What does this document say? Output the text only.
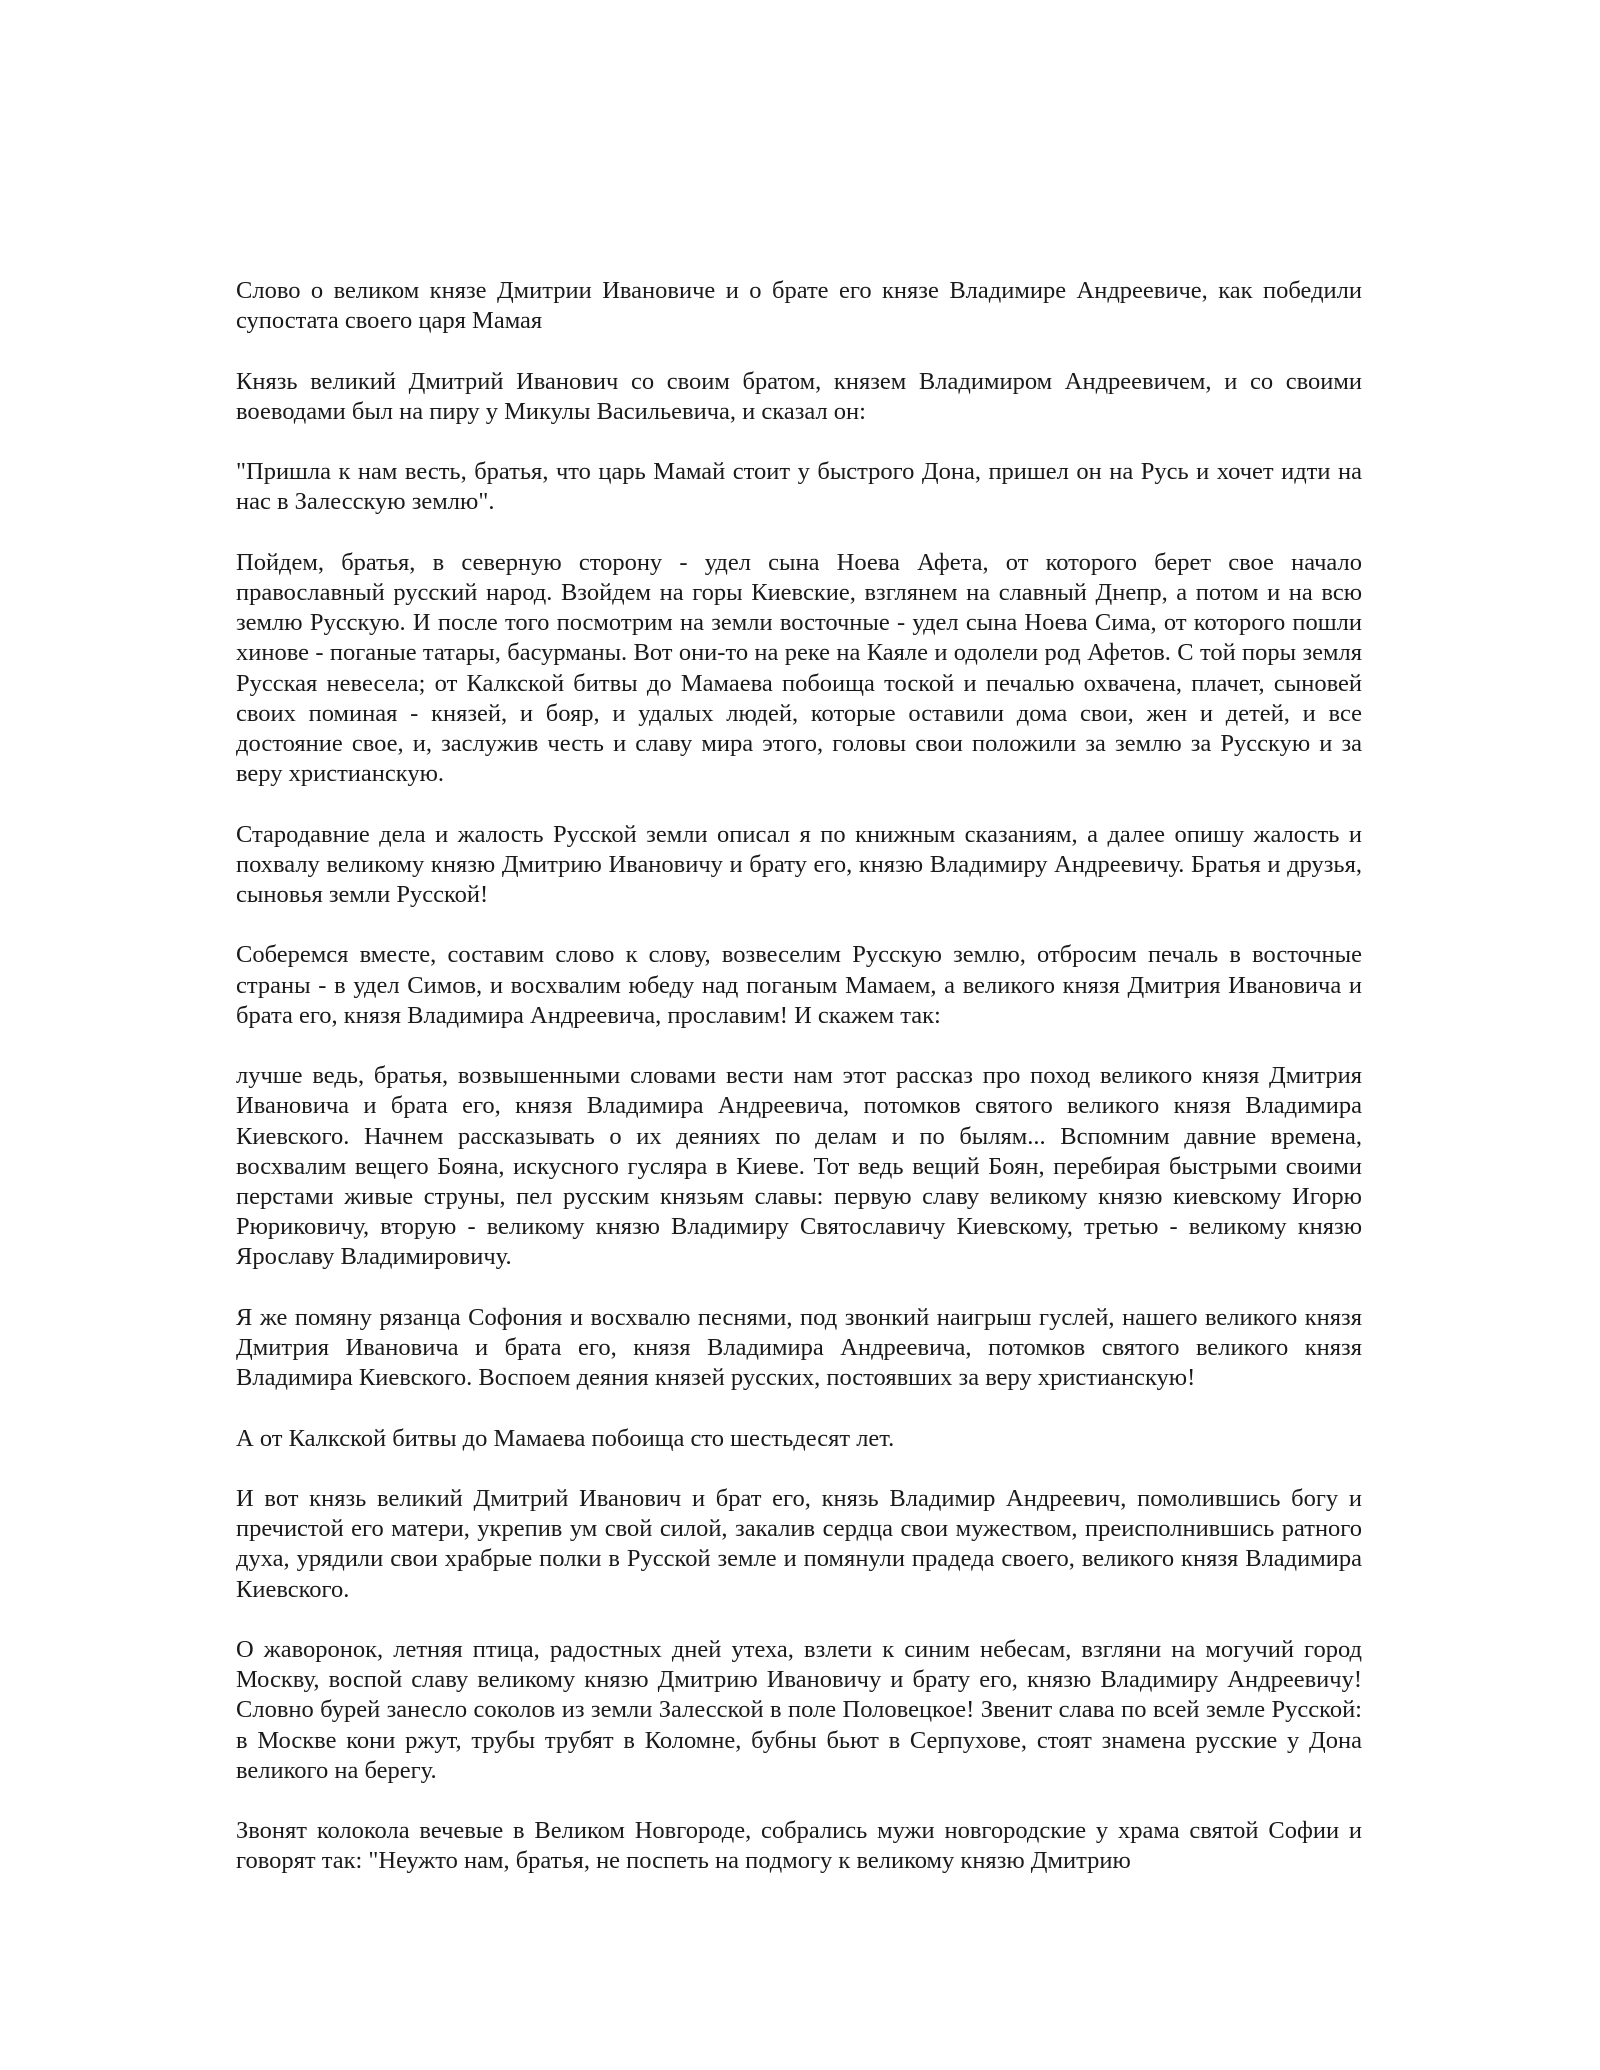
Слово о великом князе Дмитрии Ивановиче и о брате его князе Владимире Андреевиче, как победили супостата своего царя Мамая

Князь великий Дмитрий Иванович со своим братом, князем Владимиром Андреевичем, и со своими воеводами был на пиру у Микулы Васильевича, и сказал он:

"Пришла к нам весть, братья, что царь Мамай стоит у быстрого Дона, пришел он на Русь и хочет идти на нас в Залесскую землю".

Пойдем, братья, в северную сторону - удел сына Ноева Афета, от которого берет свое начало православный русский народ. Взойдем на горы Киевские, взглянем на славный Днепр, а потом и на всю землю Русскую. И после того посмотрим на земли восточные - удел сына Ноева Сима, от которого пошли хинове - поганые татары, басурманы. Вот они-то на реке на Каяле и одолели род Афетов. С той поры земля Русская невесела; от Калкской битвы до Мамаева побоища тоской и печалью охвачена, плачет, сыновей своих поминая - князей, и бояр, и удалых людей, которые оставили дома свои, жен и детей, и все достояние свое, и, заслужив честь и славу мира этого, головы свои положили за землю за Русскую и за веру христианскую.

Стародавние дела и жалость Русской земли описал я по книжным сказаниям, а далее опишу жалость и похвалу великому князю Дмитрию Ивановичу и брату его, князю Владимиру Андреевичу. Братья и друзья, сыновья земли Русской!

Соберемся вместе, составим слово к слову, возвеселим Русскую землю, отбросим печаль в восточные страны - в удел Симов, и восхвалим юбеду над поганым Мамаем, а великого князя Дмитрия Ивановича и брата его, князя Владимира Андреевича, прославим! И скажем так:

лучше ведь, братья, возвышенными словами вести нам этот рассказ про поход великого князя Дмитрия Ивановича и брата его, князя Владимира Андреевича, потомков святого великого князя Владимира Киевского. Начнем рассказывать о их деяниях по делам и по былям... Вспомним давние времена, восхвалим вещего Бояна, искусного гусляра в Киеве. Тот ведь вещий Боян, перебирая быстрыми своими перстами живые струны, пел русским князьям славы: первую славу великому князю киевскому Игорю Рюриковичу, вторую - великому князю Владимиру Святославичу Киевскому, третью - великому князю Ярославу Владимировичу.

Я же помяну рязанца Софония и восхвалю песнями, под звонкий наигрыш гуслей, нашего великого князя Дмитрия Ивановича и брата его, князя Владимира Андреевича, потомков святого великого князя Владимира Киевского. Воспоем деяния князей русских, постоявших за веру христианскую!

А от Калкской битвы до Мамаева побоища сто шестьдесят лет.

И вот князь великий Дмитрий Иванович и брат его, князь Владимир Андреевич, помолившись богу и пречистой его матери, укрепив ум свой силой, закалив сердца свои мужеством, преисполнившись ратного духа, урядили свои храбрые полки в Русской земле и помянули прадеда своего, великого князя Владимира Киевского.

О жаворонок, летняя птица, радостных дней утеха, взлети к синим небесам, взгляни на могучий город Москву, воспой славу великому князю Дмитрию Ивановичу и брату его, князю Владимиру Андреевичу! Словно бурей занесло соколов из земли Залесской в поле Половецкое! Звенит слава по всей земле Русской: в Москве кони ржут, трубы трубят в Коломне, бубны бьют в Серпухове, стоят знамена русские у Дона великого на берегу.

Звонят колокола вечевые в Великом Новгороде, собрались мужи новгородские у храма святой Софии и говорят так: "Неужто нам, братья, не поспеть на подмогу к великому князю Дмитрию
